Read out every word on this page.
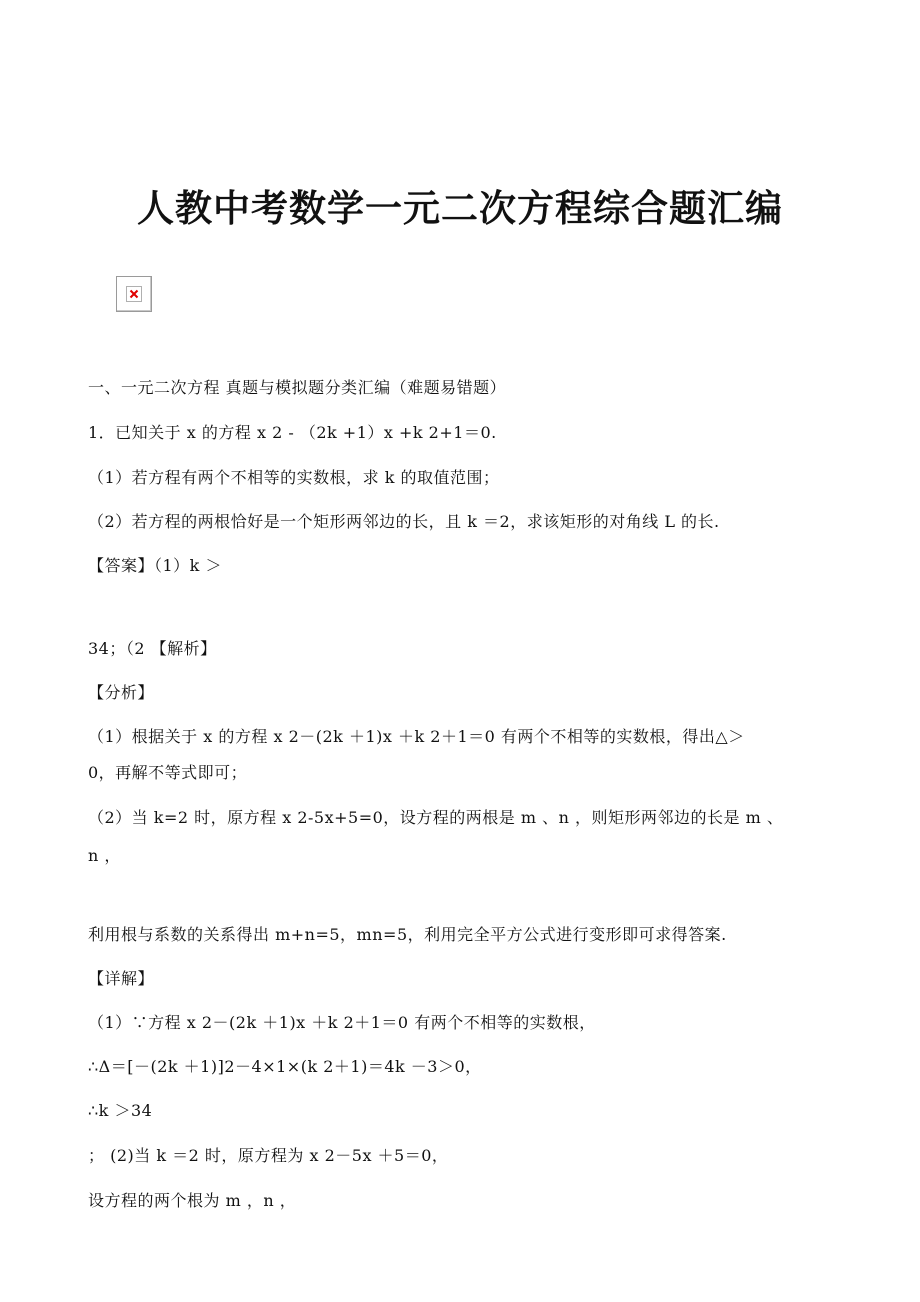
人教中考数学一元二次方程综合题汇编
一、一元二次方程 真题与模拟题分类汇编（难题易错题）
1．已知关于 x 的方程 x 2 - （2k +1）x +k 2+1＝0.
（1）若方程有两个不相等的实数根，求 k 的取值范围；
（2）若方程的两根恰好是一个矩形两邻边的长，且 k ＝2，求该矩形的对角线 L 的长.
【答案】（1）k ＞
34；（2 【解析】
【分析】
（1）根据关于 x 的方程 x 2－(2k ＋1)x ＋k 2＋1＝0 有两个不相等的实数根，得出△＞
0，再解不等式即可；
（2）当 k=2 时，原方程 x 2-5x+5=0，设方程的两根是 m 、n ，则矩形两邻边的长是 m 、
n ，
利用根与系数的关系得出 m+n=5，mn=5，利用完全平方公式进行变形即可求得答案.
【详解】
（1）∵方程 x 2－(2k ＋1)x ＋k 2＋1＝0 有两个不相等的实数根，
∴Δ＝[－(2k ＋1)]2－4×1×(k 2＋1)＝4k －3＞0，
∴k ＞34
； (2)当 k ＝2 时，原方程为 x 2－5x ＋5＝0，
设方程的两个根为 m ，n ，
